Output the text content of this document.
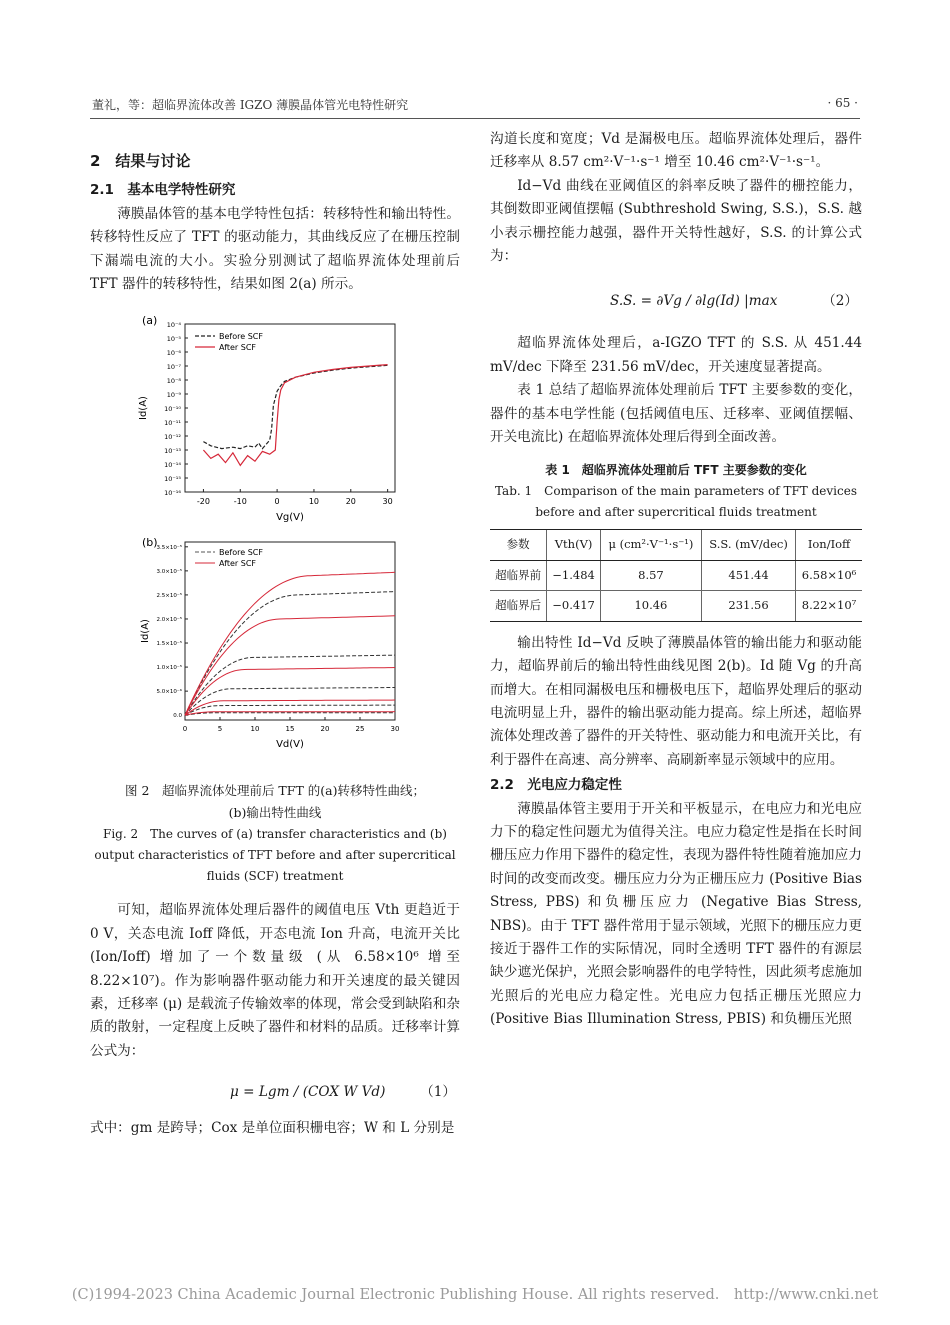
董礼，等：超临界流体改善 IGZO 薄膜晶体管光电特性研究	· 65 ·
2　结果与讨论
2.1　基本电学特性研究

薄膜晶体管的基本电学特性包括：转移特性和输出特性。转移特性反应了 TFT 的驱动能力，其曲线反应了在栅压控制下漏端电流的大小。实验分别测试了超临界流体处理前后 TFT 器件的转移特性，结果如图 2(a) 所示。

(a) 10⁻⁴
10⁻⁵
10⁻⁶
10⁻⁷
10⁻⁸
10⁻⁹
10⁻¹⁰
10⁻¹¹
10⁻¹²
10⁻¹³
10⁻¹⁴
10⁻¹⁵
10⁻¹⁶
-20	-10	0	10	20	30
Vg(V)
Id(A)
Before SCF
After SCF
(b)
0.0
5.0×10⁻⁶
1.0×10⁻⁵
1.5×10⁻⁵
2.0×10⁻⁵
2.5×10⁻⁵
3.0×10⁻⁵
3.5×10⁻⁵
0	5	10	15	20	25	30
Vd(V)
Id(A)
Before SCF
After SCF
图 2　超临界流体处理前后 TFT 的(a)转移特性曲线；
(b)输出特性曲线
Fig. 2　The curves of (a) transfer characteristics and (b)
output characteristics of TFT before and after supercritical
fluids (SCF) treatment

可知，超临界流体处理后器件的阈值电压 Vth 更趋近于 0 V，关态电流 Ioff 降低，开态电流 Ion 升高，电流开关比 (Ion/Ioff) 增加了一个数量级 (从 6.58×10⁶ 增至 8.22×10⁷)。作为影响器件驱动能力和开关速度的最关键因素，迁移率 (μ) 是载流子传输效率的体现，常会受到缺陷和杂质的散射，一定程度上反映了器件和材料的品质。迁移率计算公式为：

μ = Lgm / (COX W Vd)	（1）

式中：gm 是跨导；Cox 是单位面积栅电容；W 和 L 分别是

沟道长度和宽度；Vd 是漏极电压。超临界流体处理后，器件迁移率从 8.57 cm²·V⁻¹·s⁻¹ 增至 10.46 cm²·V⁻¹·s⁻¹。

Id−Vd 曲线在亚阈值区的斜率反映了器件的栅控能力，其倒数即亚阈值摆幅 (Subthreshold Swing, S.S.)，S.S. 越小表示栅控能力越强，器件开关特性越好，S.S. 的计算公式为：

S.S. = ∂Vg / ∂lg(Id) |max	（2）

超临界流体处理后，a-IGZO TFT 的 S.S. 从 451.44 mV/dec 下降至 231.56 mV/dec，开关速度显著提高。

表 1 总结了超临界流体处理前后 TFT 主要参数的变化，器件的基本电学性能 (包括阈值电压、迁移率、亚阈值摆幅、开关电流比) 在超临界流体处理后得到全面改善。

表 1　超临界流体处理前后 TFT 主要参数的变化
Tab. 1　Comparison of the main parameters of TFT devices
before and after supercritical fluids treatment
参数	Vth(V)	μ (cm²·V⁻¹·s⁻¹)	S.S. (mV/dec)	Ion/Ioff
超临界前	−1.484	8.57	451.44	6.58×10⁶
超临界后	−0.417	10.46	231.56	8.22×10⁷

输出特性 Id−Vd 反映了薄膜晶体管的输出能力和驱动能力，超临界前后的输出特性曲线见图 2(b)。Id 随 Vg 的升高而增大。在相同漏极电压和栅极电压下，超临界处理后的驱动电流明显上升，器件的输出驱动能力提高。综上所述，超临界流体处理改善了器件的开关特性、驱动能力和电流开关比，有利于器件在高速、高分辨率、高刷新率显示领域中的应用。

2.2　光电应力稳定性

薄膜晶体管主要用于开关和平板显示，在电应力和光电应力下的稳定性问题尤为值得关注。电应力稳定性是指在长时间栅压应力作用下器件的稳定性，表现为器件特性随着施加应力时间的改变而改变。栅压应力分为正栅压应力 (Positive Bias Stress, PBS) 和负栅压应力 (Negative Bias Stress, NBS)。由于 TFT 器件常用于显示领域，光照下的栅压应力更接近于器件工作的实际情况，同时全透明 TFT 器件的有源层缺少遮光保护，光照会影响器件的电学特性，因此须考虑施加光照后的光电应力稳定性。光电应力包括正栅压光照应力 (Positive Bias Illumination Stress, PBIS) 和负栅压光照

(C)1994-2023 China Academic Journal Electronic Publishing House. All rights reserved.　http://www.cnki.net
